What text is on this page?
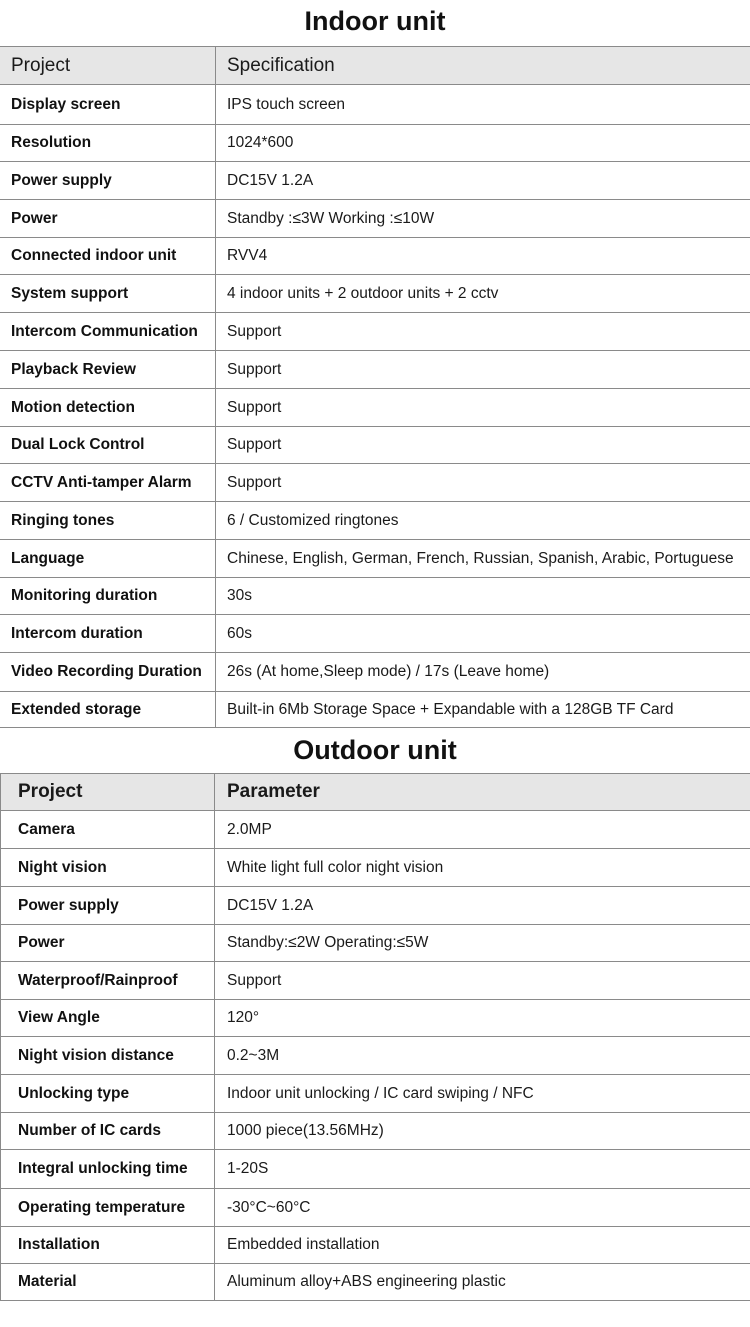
Indoor unit
Project	Specification
Display screen	IPS touch screen
Resolution	1024*600
Power supply	DC15V 1.2A
Power	Standby :≤3W Working :≤10W
Connected indoor unit	RVV4
System support	4 indoor units + 2 outdoor units + 2 cctv
Intercom Communication	Support
Playback Review	Support
Motion detection	Support
Dual Lock Control	Support
CCTV Anti-tamper Alarm	Support
Ringing tones	6 / Customized ringtones
Language	Chinese, English, German, French, Russian, Spanish, Arabic, Portuguese
Monitoring duration	30s
Intercom duration	60s
Video Recording Duration	26s (At home,Sleep mode) / 17s (Leave home)
Extended storage	Built-in 6Mb Storage Space + Expandable with a 128GB TF Card
Outdoor unit
Project	Parameter
Camera	2.0MP
Night vision	White light full color night vision
Power supply	DC15V 1.2A
Power	Standby:≤2W Operating:≤5W
Waterproof/Rainproof	Support
View Angle	120°
Night vision distance	0.2~3M
Unlocking type	Indoor unit unlocking / IC card swiping / NFC
Number of IC cards	1000 piece(13.56MHz)
Integral unlocking time	1-20S
Operating temperature	-30°C~60°C
Installation	Embedded installation
Material	Aluminum alloy+ABS engineering plastic
